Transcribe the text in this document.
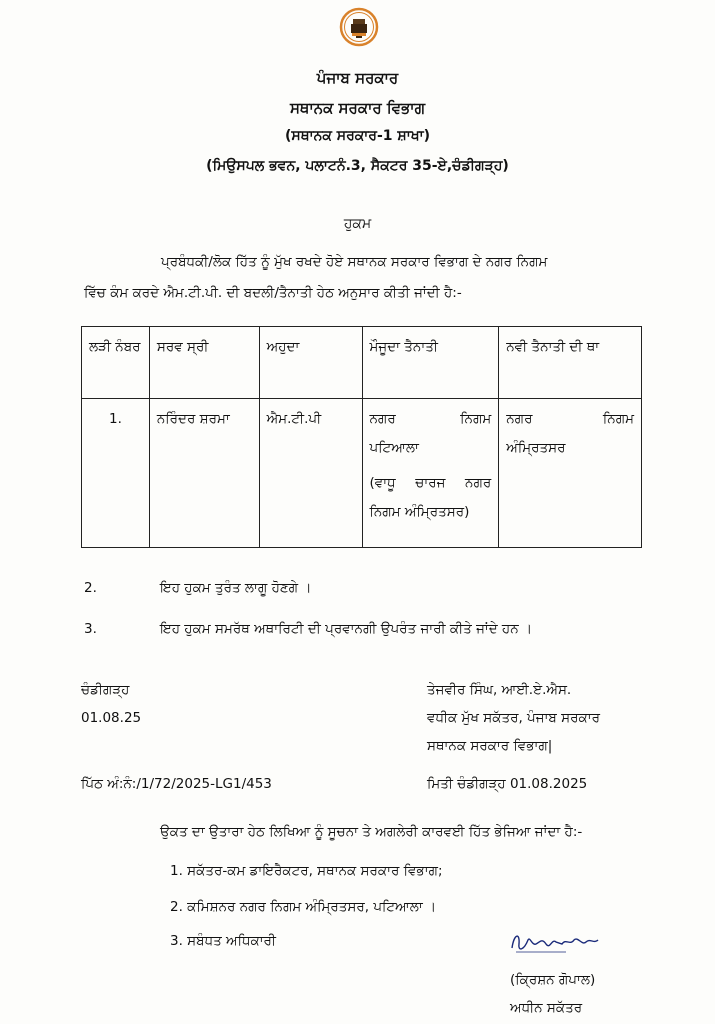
ਪੰਜਾਬ ਸਰਕਾਰ
ਸਥਾਨਕ ਸਰਕਾਰ ਵਿਭਾਗ
(ਸਥਾਨਕ ਸਰਕਾਰ-1 ਸ਼ਾਖਾ)
(ਮਿਉਸਪਲ ਭਵਨ, ਪਲਾਟਨੰ.3, ਸੈਕਟਰ 35-ਏ,ਚੰਡੀਗੜ੍ਹ)
ਹੁਕਮ
ਪ੍ਰਬੰਧਕੀ/ਲੋਕ ਹਿੱਤ ਨੂੰ ਮੁੱਖ ਰਖਦੇ ਹੋਏ ਸਥਾਨਕ ਸਰਕਾਰ ਵਿਭਾਗ ਦੇ ਨਗਰ ਨਿਗਮ
ਵਿੱਚ ਕੰਮ ਕਰਦੇ ਐਮ.ਟੀ.ਪੀ. ਦੀ ਬਦਲੀ/ਤੈਨਾਤੀ ਹੇਠ ਅਨੁਸਾਰ ਕੀਤੀ ਜਾਂਦੀ ਹੈ:-
ਲੜੀ ਨੰਬਰ	ਸਰਵ ਸ੍ਰੀ	ਅਹੁਦਾ	ਮੌਜੂਦਾ ਤੈਨਾਤੀ	ਨਵੀ ਤੈਨਾਤੀ ਦੀ ਥਾ
1.	ਨਰਿੰਦਰ ਸ਼ਰਮਾ	ਐਮ.ਟੀ.ਪੀ	ਨਗਰ ਨਿਗਮ
ਪਟਿਆਲਾ
(ਵਾਧੂ ਚਾਰਜ ਨਗਰ
ਨਿਗਮ ਅੰਮ੍ਰਿਤਸਰ)	ਨਗਰ ਨਿਗਮ
ਅੰਮ੍ਰਿਤਸਰ
2.	ਇਹ ਹੁਕਮ ਤੁਰੰਤ ਲਾਗੂ ਹੋਣਗੇ ।
3.	ਇਹ ਹੁਕਮ ਸਮਰੱਥ ਅਥਾਰਿਟੀ ਦੀ ਪ੍ਰਵਾਨਗੀ ਉਪਰੰਤ ਜਾਰੀ ਕੀਤੇ ਜਾਂਦੇ ਹਨ ।
ਚੰਡੀਗੜ੍ਹ
01.08.25
ਤੇਜਵੀਰ ਸਿੰਘ, ਆਈ.ਏ.ਐਸ.
ਵਧੀਕ ਮੁੱਖ ਸਕੱਤਰ, ਪੰਜਾਬ ਸਰਕਾਰ
ਸਥਾਨਕ ਸਰਕਾਰ ਵਿਭਾਗ|
ਪਿੱਠ ਅੰ:ਨੰ:/1/72/2025-LG1/453	ਮਿਤੀ ਚੰਡੀਗੜ੍ਹ 01.08.2025
ਉਕਤ ਦਾ ਉਤਾਰਾ ਹੇਠ ਲਿਖਿਆ ਨੂੰ ਸੂਚਨਾ ਤੇ ਅਗਲੇਰੀ ਕਾਰਵਈ ਹਿੱਤ ਭੇਜਿਆ ਜਾਂਦਾ ਹੈ:-
1. ਸਕੱਤਰ-ਕਮ ਡਾਇਰੈਕਟਰ, ਸਥਾਨਕ ਸਰਕਾਰ ਵਿਭਾਗ;
2. ਕਮਿਸ਼ਨਰ ਨਗਰ ਨਿਗਮ ਅੰਮ੍ਰਿਤਸਰ, ਪਟਿਆਲਾ ।
3. ਸਬੰਧਤ ਅਧਿਕਾਰੀ
(ਕ੍ਰਿਸ਼ਨ ਗੋਪਾਲ)
ਅਧੀਨ ਸਕੱਤਰ
